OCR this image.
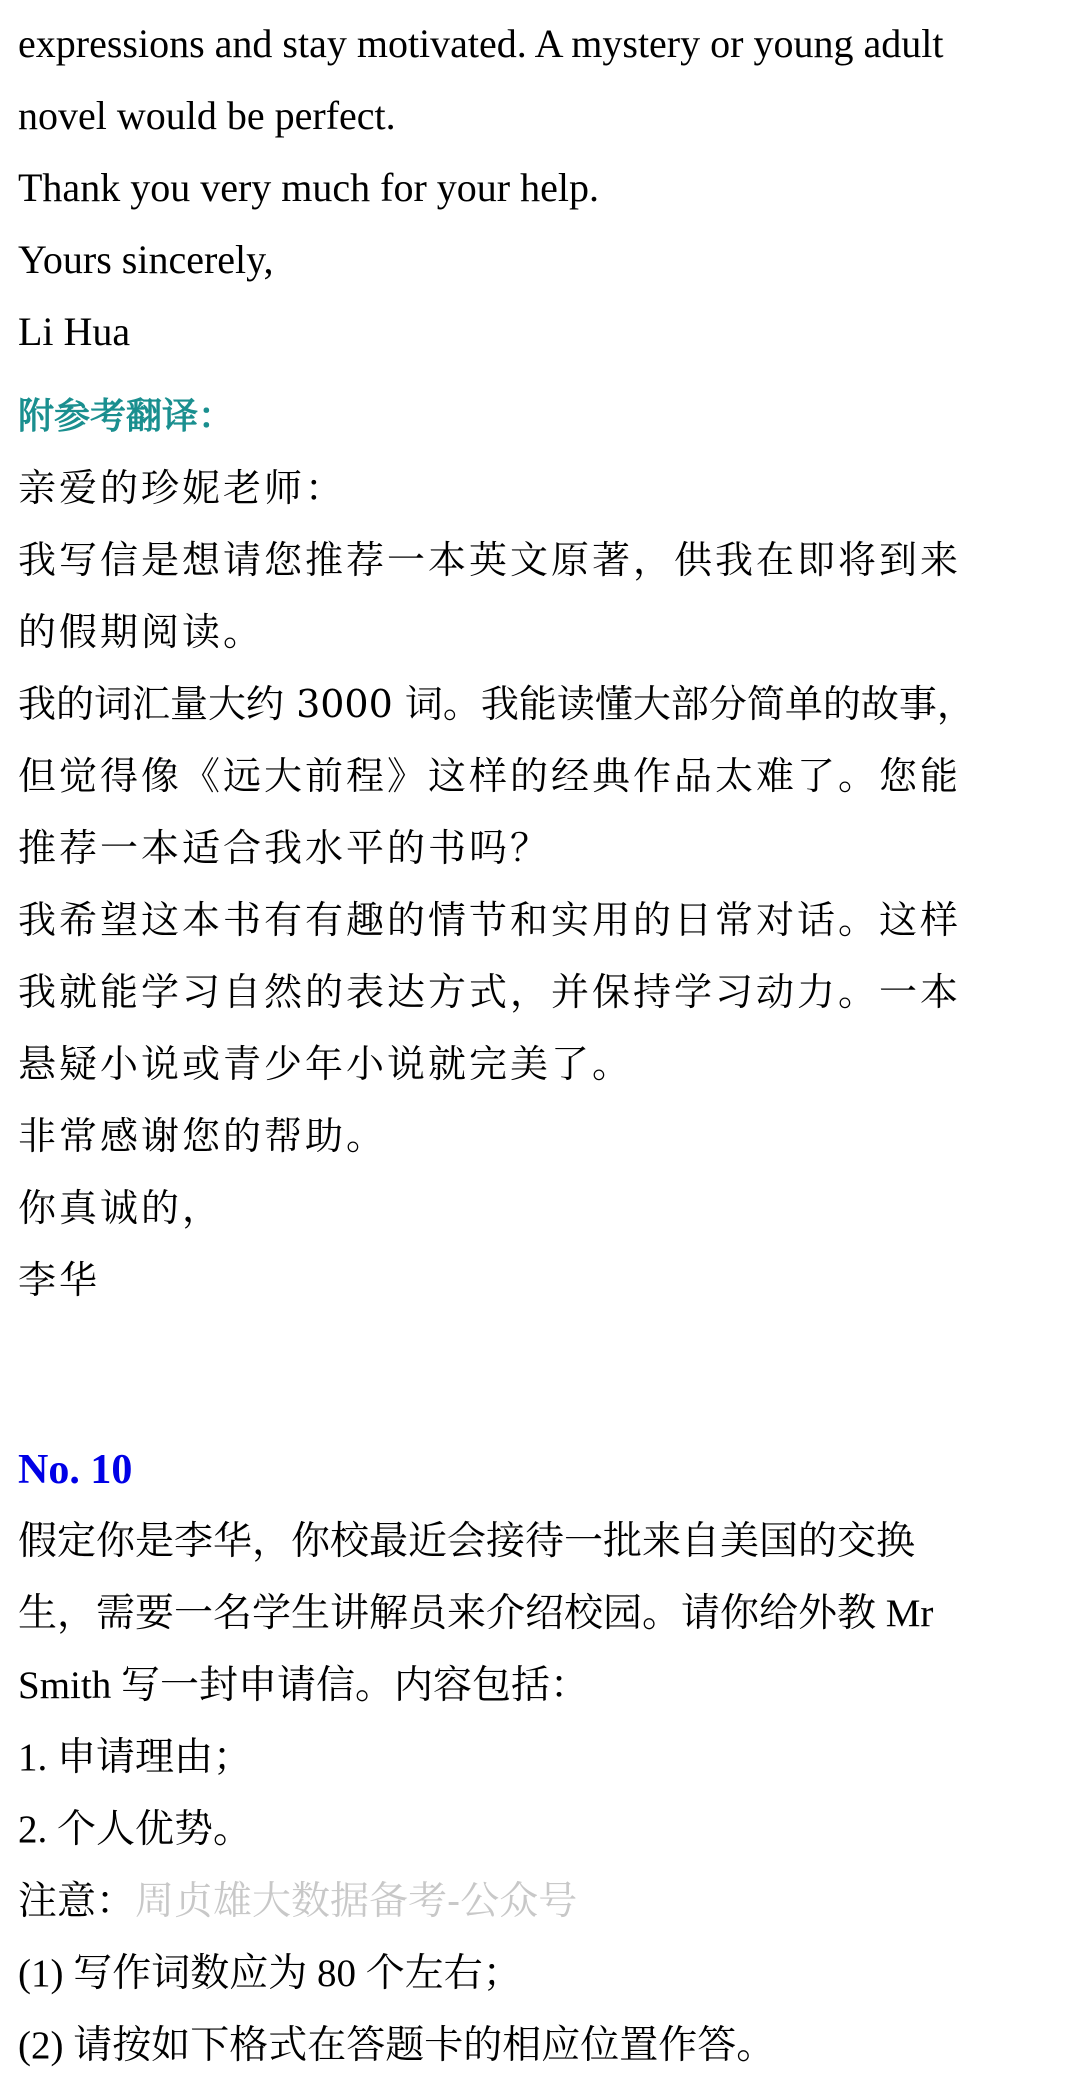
expressions and stay motivated. A mystery or young adult

novel would be perfect.

Thank you very much for your help.

Yours sincerely,

Li Hua

附参考翻译：

亲爱的珍妮老师：

我写信是想请您推荐一本英文原著，供我在即将到来

的假期阅读。

我的词汇量大约 3000 词。我能读懂大部分简单的故事，

但觉得像《远大前程》这样的经典作品太难了。您能

推荐一本适合我水平的书吗？

我希望这本书有有趣的情节和实用的日常对话。这样

我就能学习自然的表达方式，并保持学习动力。一本

悬疑小说或青少年小说就完美了。

非常感谢您的帮助。

你真诚的，

李华

No. 10

假定你是李华，你校最近会接待一批来自美国的交换

生，需要一名学生讲解员来介绍校园。请你给外教 Mr

Smith 写一封申请信。内容包括：

1. 申请理由；

2. 个人优势。

注意：周贞雄大数据备考-公众号

(1) 写作词数应为 80 个左右；

(2) 请按如下格式在答题卡的相应位置作答。
